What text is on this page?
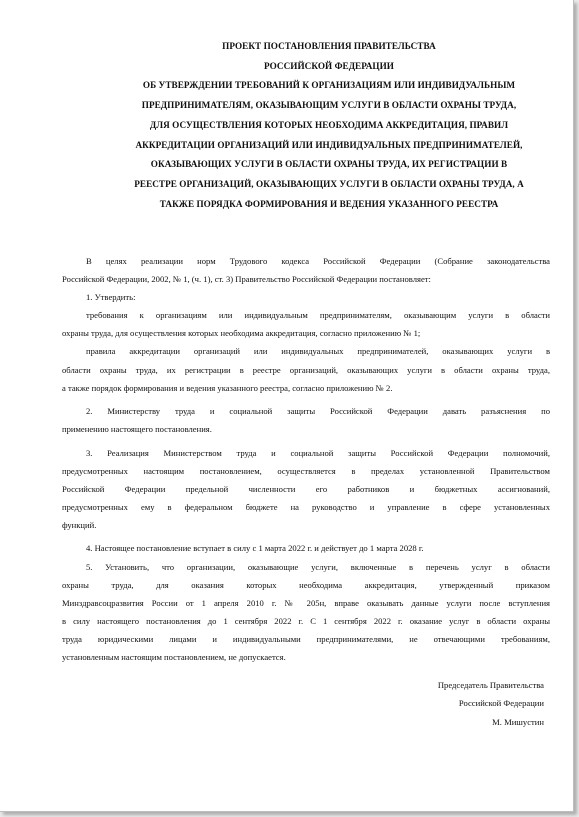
ПРОЕКТ ПОСТАНОВЛЕНИЯ ПРАВИТЕЛЬСТВА
РОССИЙСКОЙ ФЕДЕРАЦИИ
ОБ УТВЕРЖДЕНИИ ТРЕБОВАНИЙ К ОРГАНИЗАЦИЯМ ИЛИ ИНДИВИДУАЛЬНЫМ
ПРЕДПРИНИМАТЕЛЯМ, ОКАЗЫВАЮЩИМ УСЛУГИ В ОБЛАСТИ ОХРАНЫ ТРУДА,
ДЛЯ ОСУЩЕСТВЛЕНИЯ КОТОРЫХ НЕОБХОДИМА АККРЕДИТАЦИЯ, ПРАВИЛ
АККРЕДИТАЦИИ ОРГАНИЗАЦИЙ ИЛИ ИНДИВИДУАЛЬНЫХ ПРЕДПРИНИМАТЕЛЕЙ,
ОКАЗЫВАЮЩИХ УСЛУГИ В ОБЛАСТИ ОХРАНЫ ТРУДА, ИХ РЕГИСТРАЦИИ В
РЕЕСТРЕ ОРГАНИЗАЦИЙ, ОКАЗЫВАЮЩИХ УСЛУГИ В ОБЛАСТИ ОХРАНЫ ТРУДА, А
ТАКЖЕ ПОРЯДКА ФОРМИРОВАНИЯ И ВЕДЕНИЯ УКАЗАННОГО РЕЕСТРА
В целях реализации норм Трудового кодекса Российской Федерации (Собрание законодательства
Российской Федерации, 2002, № 1, (ч. 1), ст. 3) Правительство Российской Федерации постановляет:
1. Утвердить:
требования к организациям или индивидуальным предпринимателям, оказывающим услуги в области
охраны труда, для осуществления которых необходима аккредитация, согласно приложению № 1;
правила аккредитации организаций или индивидуальных предпринимателей, оказывающих услуги в
области охраны труда, их регистрации в реестре организаций, оказывающих услуги в области охраны труда,
а также порядок формирования и ведения указанного реестра, согласно приложению № 2.
2. Министерству труда и социальной защиты Российской Федерации давать разъяснения по
применению настоящего постановления.
3. Реализация Министерством труда и социальной защиты Российской Федерации полномочий,
предусмотренных настоящим постановлением, осуществляется в пределах установленной Правительством
Российской Федерации предельной численности его работников и бюджетных ассигнований,
предусмотренных ему в федеральном бюджете на руководство и управление в сфере установленных
функций.
4. Настоящее постановление вступает в силу с 1 марта 2022 г. и действует до 1 марта 2028 г.
5. Установить, что организации, оказывающие услуги, включенные в перечень услуг в области
охраны труда, для оказания которых необходима аккредитация, утвержденный приказом
Минздравсоцразвития России от 1 апреля 2010 г. № 205н, вправе оказывать данные услуги после вступления
в силу настоящего постановления до 1 сентября 2022 г. С 1 сентября 2022 г. оказание услуг в области охраны
труда юридическими лицами и индивидуальными предпринимателями, не отвечающими требованиям,
установленным настоящим постановлением, не допускается.
Председатель Правительства
Российской Федерации
М. Мишустин
